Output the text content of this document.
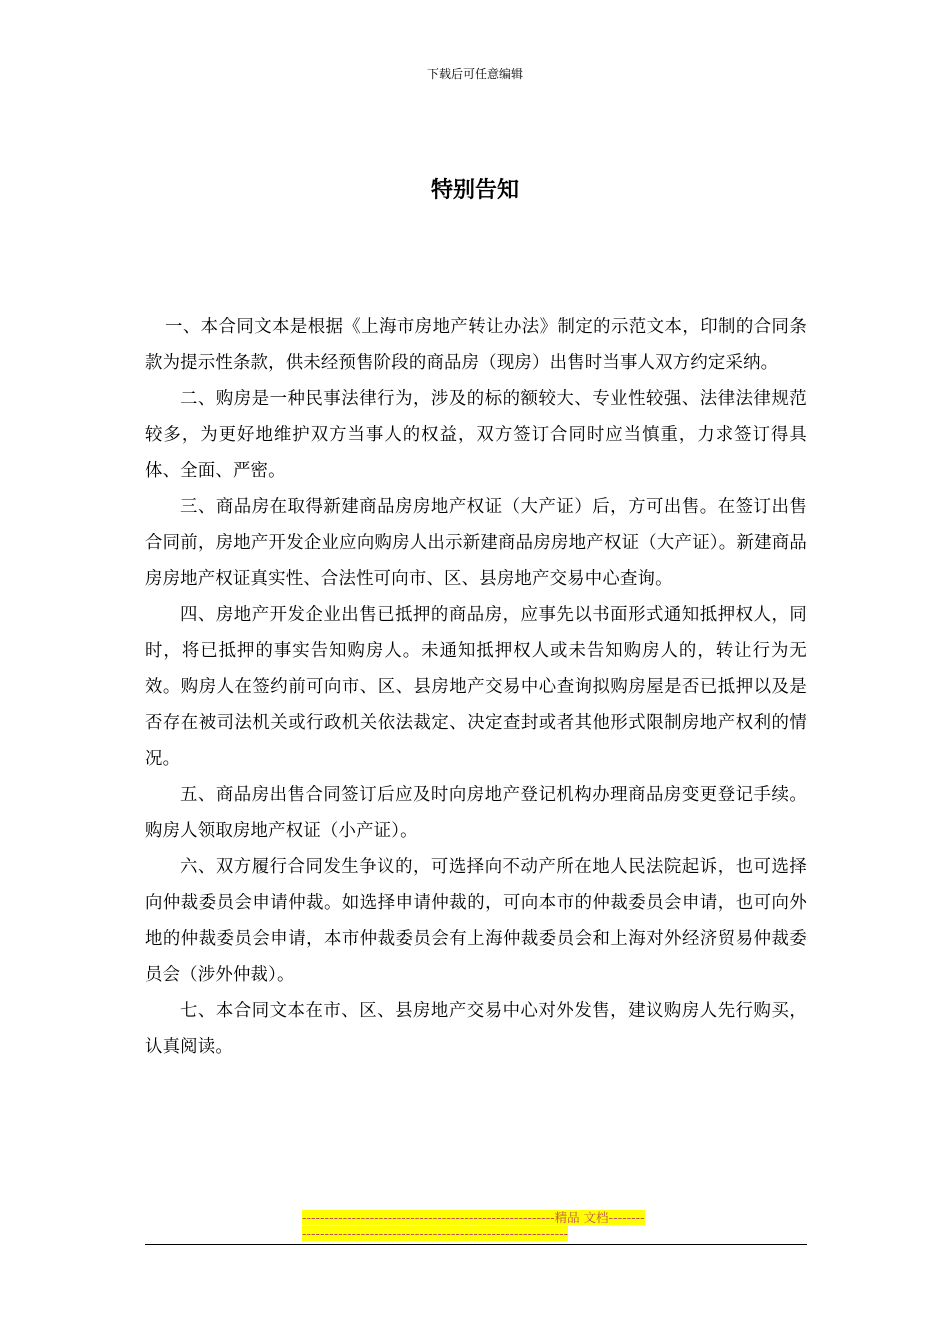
下载后可任意编辑
特别告知

一、本合同文本是根据《上海市房地产转让办法》制定的示范文本，印制的合同条款为提示性条款，供未经预售阶段的商品房（现房）出售时当事人双方约定采纳。

二、购房是一种民事法律行为，涉及的标的额较大、专业性较强、法律法律规范较多，为更好地维护双方当事人的权益，双方签订合同时应当慎重，力求签订得具体、全面、严密。

三、商品房在取得新建商品房房地产权证（大产证）后，方可出售。在签订出售合同前，房地产开发企业应向购房人出示新建商品房房地产权证（大产证）。新建商品房房地产权证真实性、合法性可向市、区、县房地产交易中心查询。

四、房地产开发企业出售已抵押的商品房，应事先以书面形式通知抵押权人，同时，将已抵押的事实告知购房人。未通知抵押权人或未告知购房人的，转让行为无效。购房人在签约前可向市、区、县房地产交易中心查询拟购房屋是否已抵押以及是否存在被司法机关或行政机关依法裁定、决定查封或者其他形式限制房地产权利的情况。

五、商品房出售合同签订后应及时向房地产登记机构办理商品房变更登记手续。购房人领取房地产权证（小产证）。

六、双方履行合同发生争议的，可选择向不动产所在地人民法院起诉，也可选择向仲裁委员会申请仲裁。如选择申请仲裁的，可向本市的仲裁委员会申请，也可向外地的仲裁委员会申请，本市仲裁委员会有上海仲裁委员会和上海对外经济贸易仲裁委员会（涉外仲裁）。

七、本合同文本在市、区、县房地产交易中心对外发售，建议购房人先行购买，认真阅读。

--------------------------------------------------------精品 文档-------------------------------------------------------------------
